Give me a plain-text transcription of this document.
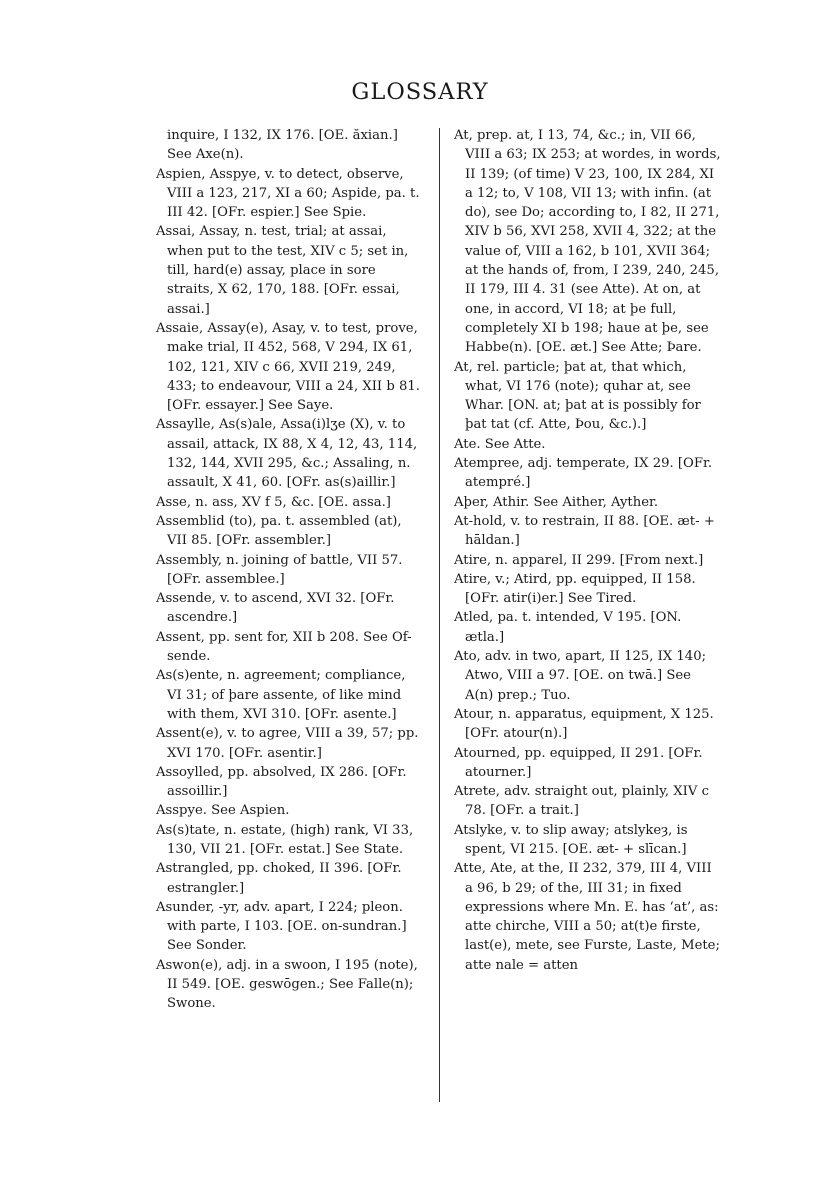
GLOSSARY
inquire, I 132, IX 176. [OE. ăxian.] See Axe(n).
Aspien, Asspye, v. to detect, observe, VIII a 123, 217, XI a 60; Aspide, pa. t. III 42. [OFr. espier.] See Spie.
Assai, Assay, n. test, trial; at assai, when put to the test, XIV c 5; set in, till, hard(e) assay, place in sore straits, X 62, 170, 188. [OFr. essai, assai.]
Assaie, Assay(e), Asay, v. to test, prove, make trial, II 452, 568, V 294, IX 61, 102, 121, XIV c 66, XVII 219, 249, 433; to endeavour, VIII a 24, XII b 81. [OFr. essayer.] See Saye.
Assaylle, As(s)ale, Assa(i)lʒe (X), v. to assail, attack, IX 88, X 4, 12, 43, 114, 132, 144, XVII 295, &c.; Assaling, n. assault, X 41, 60. [OFr. as(s)aillir.]
Asse, n. ass, XV f 5, &c. [OE. assa.]
Assemblid (to), pa. t. assembled (at), VII 85. [OFr. assembler.]
Assembly, n. joining of battle, VII 57. [OFr. assemblee.]
Assende, v. to ascend, XVI 32. [OFr. ascendre.]
Assent, pp. sent for, XII b 208. See Of-sende.
As(s)ente, n. agreement; compliance, VI 31; of þare assente, of like mind with them, XVI 310. [OFr. asente.]
Assent(e), v. to agree, VIII a 39, 57; pp. XVI 170. [OFr. asentir.]
Assoylled, pp. absolved, IX 286. [OFr. assoillir.]
Asspye. See Aspien.
As(s)tate, n. estate, (high) rank, VI 33, 130, VII 21. [OFr. estat.] See State.
Astrangled, pp. choked, II 396. [OFr. estrangler.]
Asunder, -yr, adv. apart, I 224; pleon. with parte, I 103. [OE. on-sundran.] See Sonder.
Aswon(e), adj. in a swoon, I 195 (note), II 549. [OE. geswōgen.; See Falle(n); Swone.
At, prep. at, I 13, 74, &c.; in, VII 66, VIII a 63; IX 253; at wordes, in words, II 139; (of time) V 23, 100, IX 284, XI a 12; to, V 108, VII 13; with infin. (at do), see Do; according to, I 82, II 271, XIV b 56, XVI 258, XVII 4, 322; at the value of, VIII a 162, b 101, XVII 364; at the hands of, from, I 239, 240, 245, II 179, III 4. 31 (see Atte). At on, at one, in accord, VI 18; at þe full, completely XI b 198; haue at þe, see Habbe(n). [OE. æt.] See Atte; Þare.
At, rel. particle; þat at, that which, what, VI 176 (note); quhar at, see Whar. [ON. at; þat at is possibly for þat tat (cf. Atte, Þou, &c.).]
Ate. See Atte.
Atempree, adj. temperate, IX 29. [OFr. atempré.]
Aþer, Athir. See Aither, Ayther.
At-hold, v. to restrain, II 88. [OE. æt- + hāldan.]
Atire, n. apparel, II 299. [From next.]
Atire, v.; Atird, pp. equipped, II 158. [OFr. atir(i)er.] See Tired.
Atled, pa. t. intended, V 195. [ON. ætla.]
Ato, adv. in two, apart, II 125, IX 140; Atwo, VIII a 97. [OE. on twā.] See A(n) prep.; Tuo.
Atour, n. apparatus, equipment, X 125. [OFr. atour(n).]
Atourned, pp. equipped, II 291. [OFr. atourner.]
Atrete, adv. straight out, plainly, XIV c 78. [OFr. a trait.]
Atslyke, v. to slip away; atslykeȝ, is spent, VI 215. [OE. æt- + slīcan.]
Atte, Ate, at the, II 232, 379, III 4, VIII a 96, b 29; of the, III 31; in fixed expressions where Mn. E. has ‘at’, as: atte chirche, VIII a 50; at(t)e firste, last(e), mete, see Furste, Laste, Mete; atte nale = atten
